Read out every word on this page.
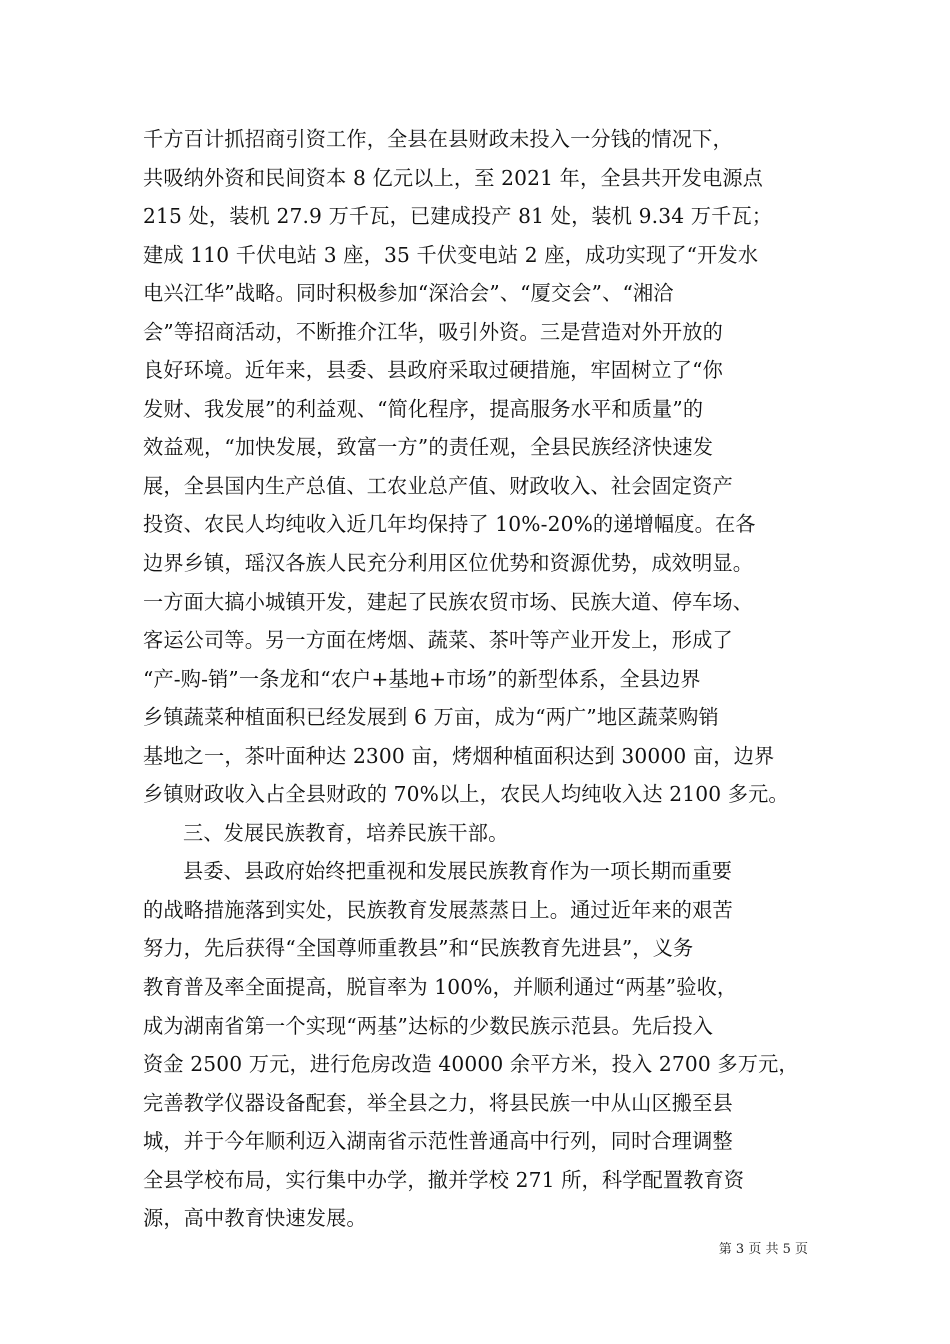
千方百计抓招商引资工作，全县在县财政未投入一分钱的情况下，
共吸纳外资和民间资本 8 亿元以上，至 2021 年，全县共开发电源点
215 处，装机 27.9 万千瓦，已建成投产 81 处，装机 9.34 万千瓦；
建成 110 千伏电站 3 座，35 千伏变电站 2 座，成功实现了“开发水
电兴江华”战略。同时积极参加“深洽会”、“厦交会”、“湘洽
会”等招商活动，不断推介江华，吸引外资。三是营造对外开放的
良好环境。近年来，县委、县政府采取过硬措施，牢固树立了“你
发财、我发展”的利益观、“简化程序，提高服务水平和质量”的
效益观，“加快发展，致富一方”的责任观，全县民族经济快速发
展，全县国内生产总值、工农业总产值、财政收入、社会固定资产
投资、农民人均纯收入近几年均保持了 10%-20%的递增幅度。在各
边界乡镇，瑶汉各族人民充分利用区位优势和资源优势，成效明显。
一方面大搞小城镇开发，建起了民族农贸市场、民族大道、停车场、
客运公司等。另一方面在烤烟、蔬菜、茶叶等产业开发上，形成了
“产-购-销”一条龙和“农户+基地+市场”的新型体系，全县边界
乡镇蔬菜种植面积已经发展到 6 万亩，成为“两广”地区蔬菜购销
基地之一，茶叶面种达 2300 亩，烤烟种植面积达到 30000 亩，边界
乡镇财政收入占全县财政的 70%以上，农民人均纯收入达 2100 多元。
三、发展民族教育，培养民族干部。
县委、县政府始终把重视和发展民族教育作为一项长期而重要
的战略措施落到实处，民族教育发展蒸蒸日上。通过近年来的艰苦
努力，先后获得“全国尊师重教县”和“民族教育先进县”，义务
教育普及率全面提高，脱盲率为 100%，并顺利通过“两基”验收，
成为湖南省第一个实现“两基”达标的少数民族示范县。先后投入
资金 2500 万元，进行危房改造 40000 余平方米，投入 2700 多万元，
完善教学仪器设备配套，举全县之力，将县民族一中从山区搬至县
城，并于今年顺利迈入湖南省示范性普通高中行列，同时合理调整
全县学校布局，实行集中办学，撤并学校 271 所，科学配置教育资
源，高中教育快速发展。
第 3 页 共 5 页
